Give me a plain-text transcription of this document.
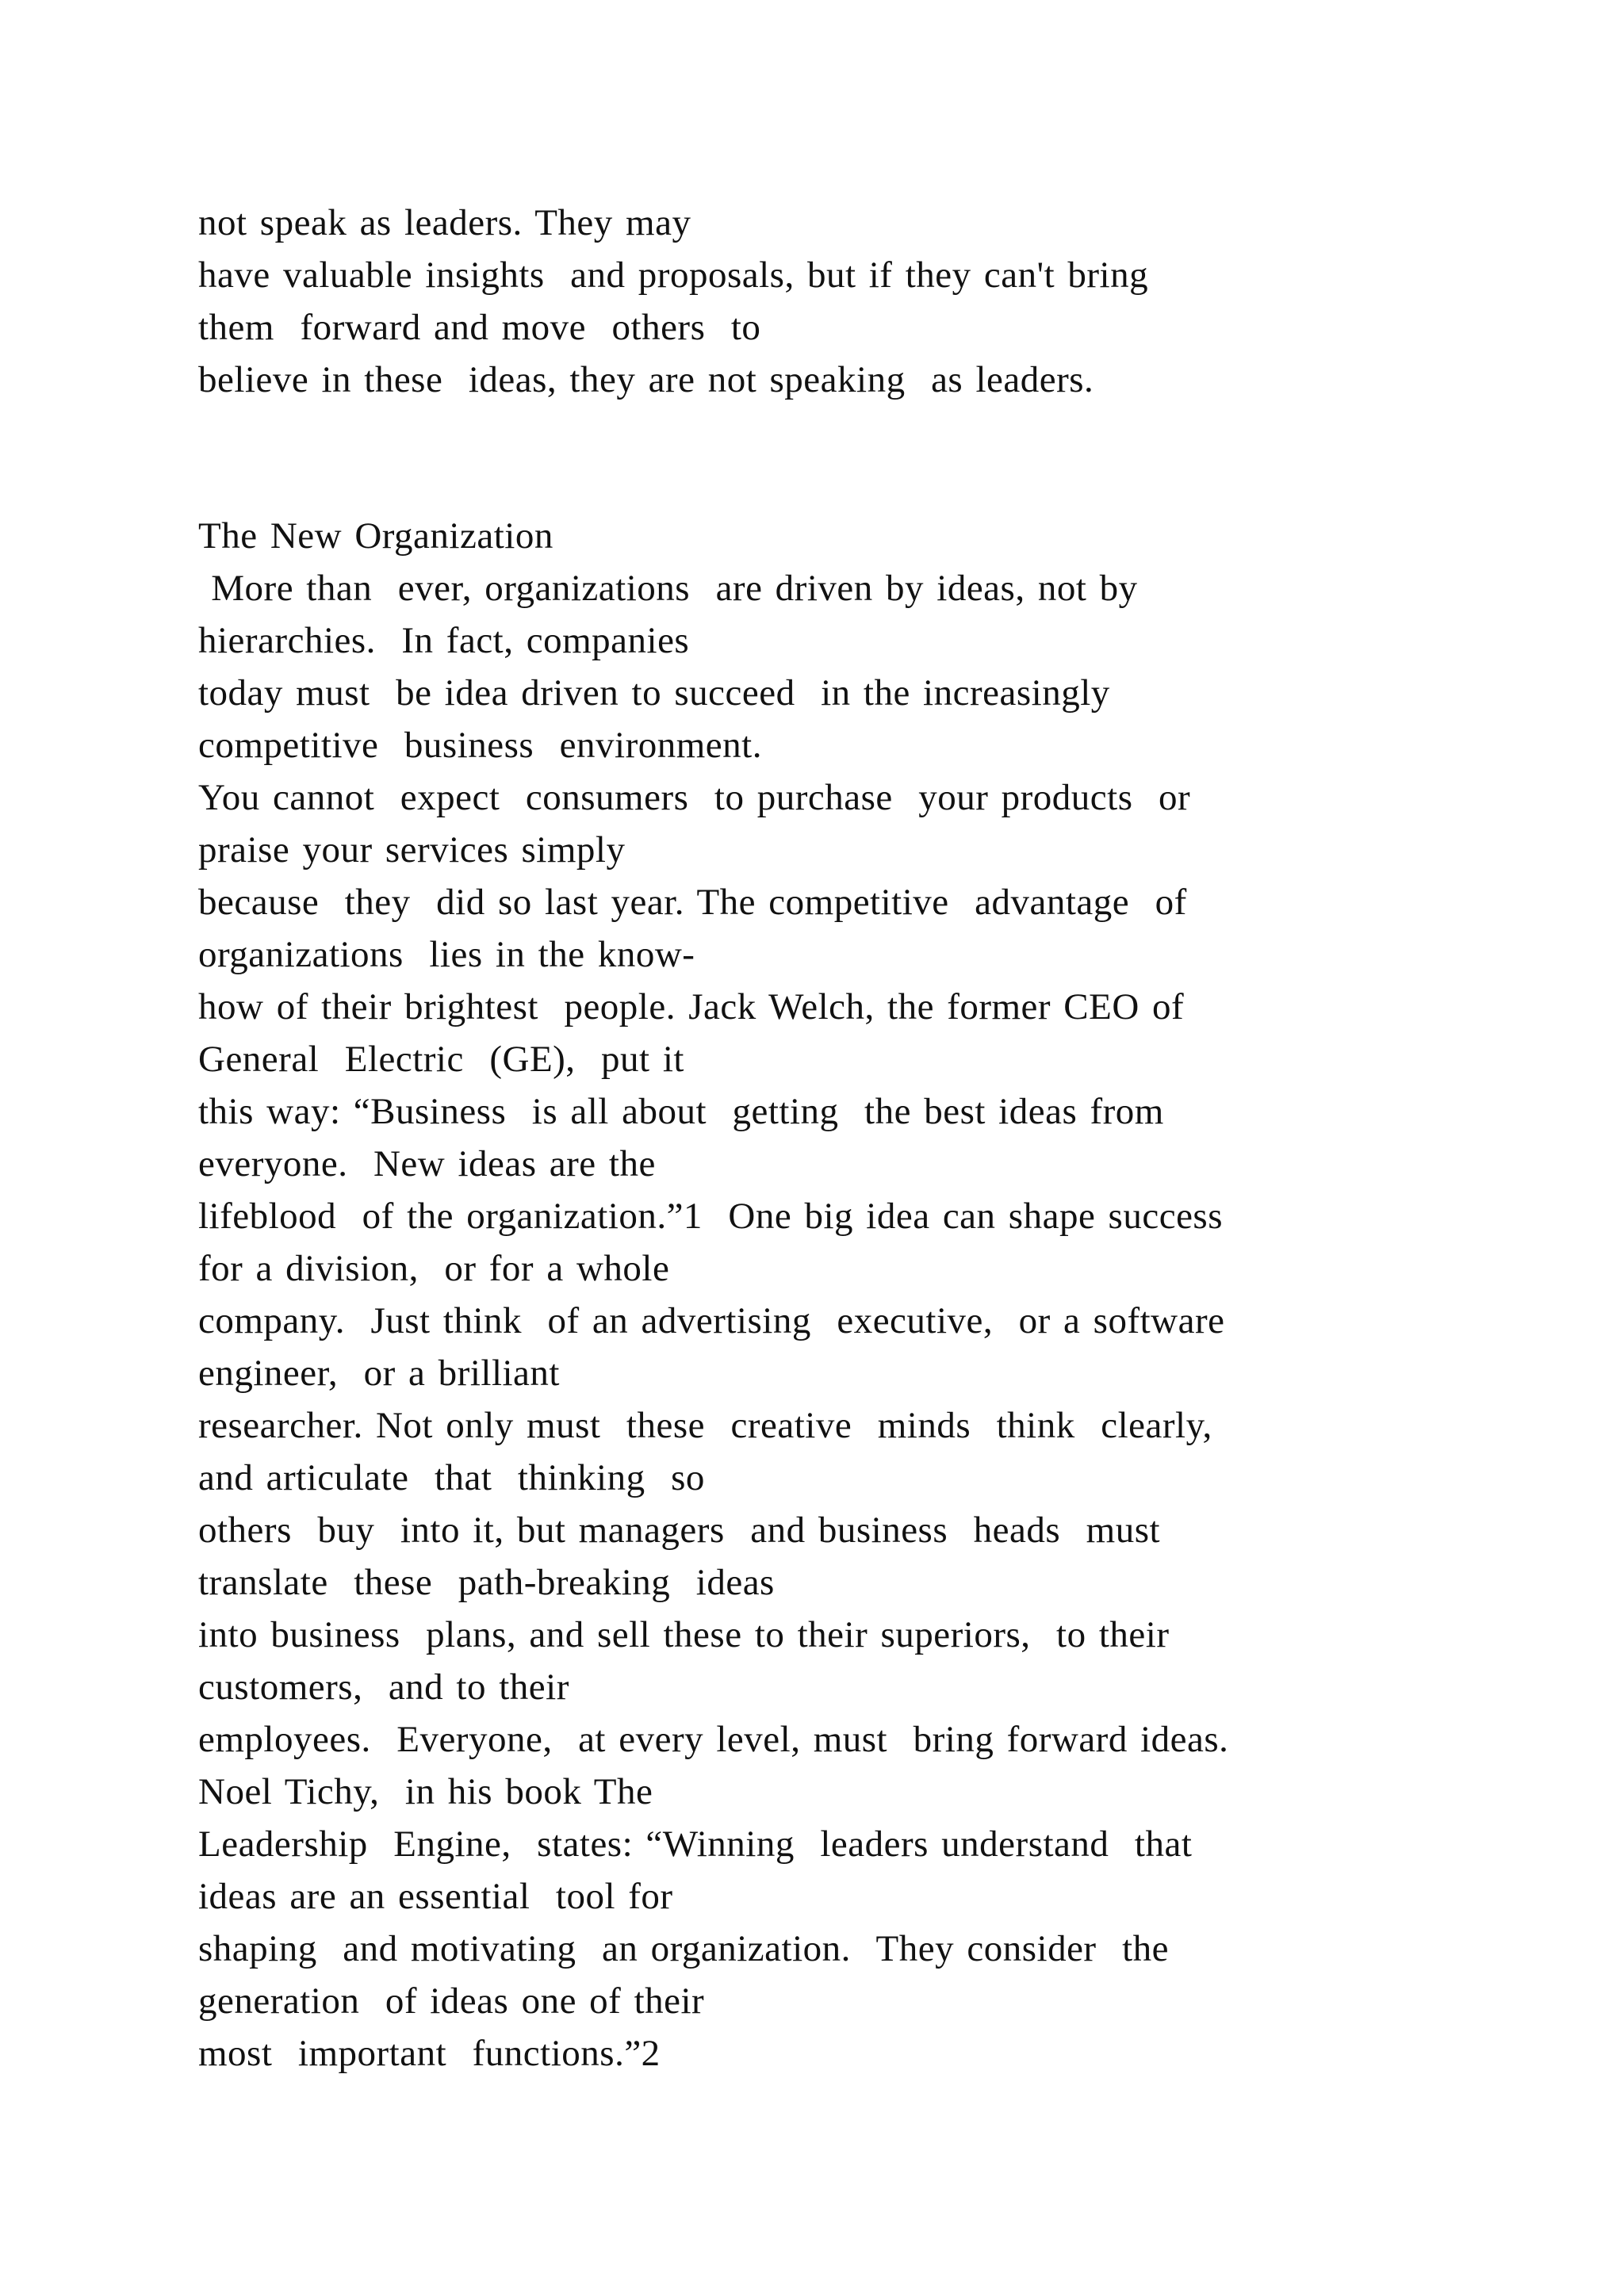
not speak as leaders. They may
have valuable insights  and proposals, but if they can't bring
them  forward and move  others  to
believe in these  ideas, they are not speaking  as leaders.
The New Organization
More than  ever, organizations  are driven by ideas, not by
hierarchies.  In fact, companies
today must  be idea driven to succeed  in the increasingly
competitive  business  environment.
You cannot  expect  consumers  to purchase  your products  or
praise your services simply
because  they  did so last year. The competitive  advantage  of
organizations  lies in the know-
how of their brightest  people. Jack Welch, the former CEO of
General  Electric  (GE),  put it
this way: “Business  is all about  getting  the best ideas from
everyone.  New ideas are the
lifeblood  of the organization.”1  One big idea can shape success
for a division,  or for a whole
company.  Just think  of an advertising  executive,  or a software
engineer,  or a brilliant
researcher. Not only must  these  creative  minds  think  clearly,
and articulate  that  thinking  so
others  buy  into it, but managers  and business  heads  must
translate  these  path-breaking  ideas
into business  plans, and sell these to their superiors,  to their
customers,  and to their
employees.  Everyone,  at every level, must  bring forward ideas.
Noel Tichy,  in his book The
Leadership  Engine,  states: “Winning  leaders understand  that
ideas are an essential  tool for
shaping  and motivating  an organization.  They consider  the
generation  of ideas one of their
most  important  functions.”2
